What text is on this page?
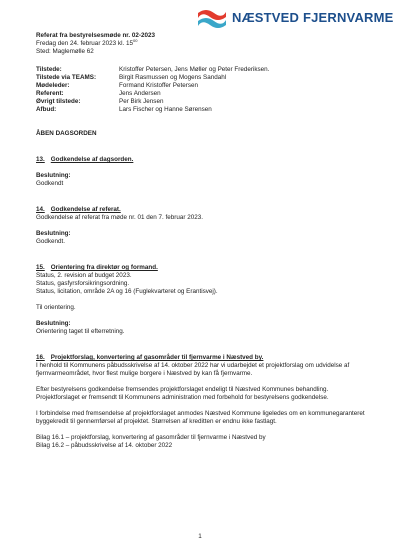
NÆSTVED FJERNVARME
Referat fra bestyrelsesmøde nr. 02-2023
Fredag den 24. februar 2023 kl. $15^{00}$
Sted: Maglemølle 62
Tilstede:	Kristoffer Petersen, Jens Møller og Peter Frederiksen.
Tilstede via TEAMS:	Birgit Rasmussen og Mogens Sandahl
Mødeleder:	Formand Kristoffer Petersen
Referent:	Jens Andersen
Øvrigt tilstede:	Per Birk Jensen
Afbud:	Lars Fischer og Hanne Sørensen
ÅBEN DAGSORDEN
13. Godkendelse af dagsorden.
Beslutning:
Godkendt
14. Godkendelse af referat.
Godkendelse af referat fra møde nr. 01 den 7. februar 2023.
Beslutning:
Godkendt.
15. Orientering fra direktør og formand.
Status, 2. revision af budget 2023.
Status, gasfyrsforsikringsordning.
Status, licitation, område 2A og 16 (Fuglekvarteret og Erantisvej).
Til orientering.
Beslutning:
Orientering taget til efterretning.
16. Projektforslag, konvertering af gasområder til fjernvarme i Næstved by.

I henhold til Kommunens påbudsskrivelse af 14. oktober 2022 har vi udarbejdet et projektforslag om udvidelse af fjernvarmeområdet, hvor flest mulige borgere i Næstved by kan få fjernvarme.

Efter bestyrelsens godkendelse fremsendes projektforslaget endeligt til Næstved Kommunes behandling. Projektforslaget er fremsendt til Kommunens administration med forbehold for bestyrelsens godkendelse.

I forbindelse med fremsendelse af projektforslaget anmodes Næstved Kommune ligeledes om en kommunegaranteret byggekredit til gennemførsel af projektet. Størrelsen af kreditten er endnu ikke fastlagt.

Bilag 16.1 – projektforslag, konvertering af gasområder til fjernvarme i Næstved by
Bilag 16.2 – påbudsskrivelse af 14. oktober 2022
1
